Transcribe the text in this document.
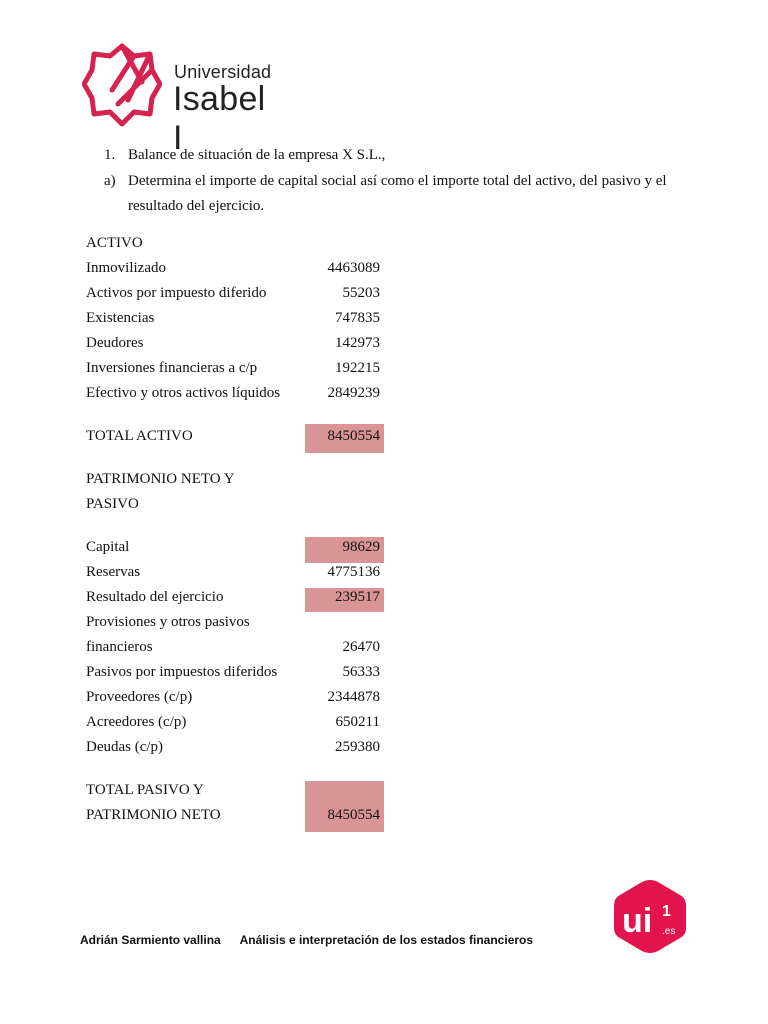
Universidad
Isabel I
1. Balance de situación de la empresa X S.L.,
a) Determina el importe de capital social así como el importe total del activo, del pasivo y el
resultado del ejercicio.
ACTIVO
Inmovilizado	4463089
Activos por impuesto diferido	55203
Existencias	747835
Deudores	142973
Inversiones financieras a c/p	192215
Efectivo y otros activos líquidos	2849239
TOTAL ACTIVO	8450554
PATRIMONIO NETO Y
PASIVO
Capital	98629
Reservas	4775136
Resultado del ejercicio	239517
Provisiones y otros pasivos
financieros	26470
Pasivos por impuestos diferidos	56333
Proveedores (c/p)	2344878
Acreedores (c/p)	650211
Deudas (c/p)	259380
TOTAL PASIVO Y
PATRIMONIO NETO	8450554
ui 1
.es
Adrián Sarmiento vallina Análisis e interpretación de los estados financieros
